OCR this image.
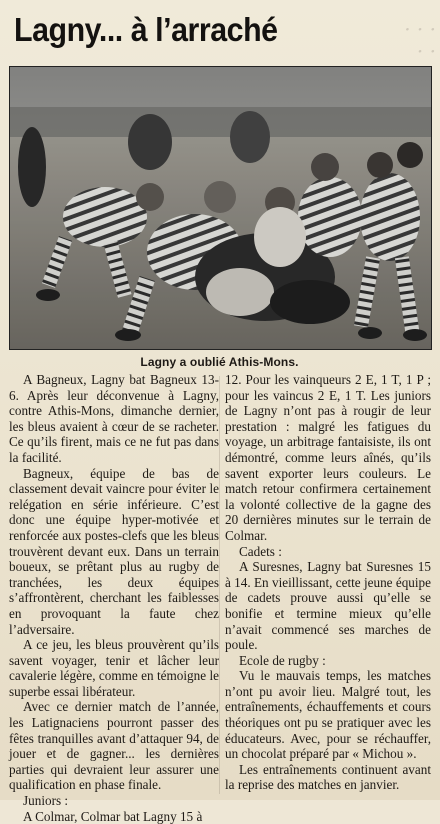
· · ·
· ·
Lagny... à l’arraché
Lagny a oublié Athis-Mons.

A Bagneux, Lagny bat Bagneux 13-6. Après leur déconvenue à Lagny, contre Athis-Mons, dimanche dernier, les bleus avaient à cœur de se racheter. Ce qu’ils firent, mais ce ne fut pas dans la facilité.

Bagneux, équipe de bas de classement devait vaincre pour éviter le relégation en série inférieure. C’est donc une équipe hyper-motivée et renforcée aux postes-clefs que les bleus trouvèrent devant eux. Dans un terrain boueux, se prêtant plus au rugby de tranchées, les deux équipes s’affrontèrent, cherchant les faiblesses en provoquant la faute chez l’adversaire.

A ce jeu, les bleus prouvèrent qu’ils savent voyager, tenir et lâcher leur cavalerie légère, comme en témoigne le superbe essai libérateur.

Avec ce dernier match de l’année, les Latignaciens pourront passer des fêtes tranquilles avant d’attaquer 94, de jouer et de gagner... les dernières parties qui devraient leur assurer une qualification en phase finale.

Juniors :

A Colmar, Colmar bat Lagny 15 à

12. Pour les vainqueurs 2 E, 1 T, 1 P ; pour les vaincus 2 E, 1 T. Les juniors de Lagny n’ont pas à rougir de leur prestation : malgré les fatigues du voyage, un arbitrage fantaisiste, ils ont démontré, comme leurs aînés, qu’ils savent exporter leurs couleurs. Le match retour confirmera certainement la volonté collective de la gagne des 20 dernières minutes sur le terrain de Colmar.

Cadets :

A Suresnes, Lagny bat Suresnes 15 à 14. En vieillissant, cette jeune équipe de cadets prouve aussi qu’elle se bonifie et termine mieux qu’elle n’avait commencé ses marches de poule.

Ecole de rugby :

Vu le mauvais temps, les matches n’ont pu avoir lieu. Malgré tout, les entraînements, échauffements et cours théoriques ont pu se pratiquer avec les éducateurs. Avec, pour se réchauffer, un chocolat préparé par « Michou ».

Les entraînements continuent avant la reprise des matches en janvier.
